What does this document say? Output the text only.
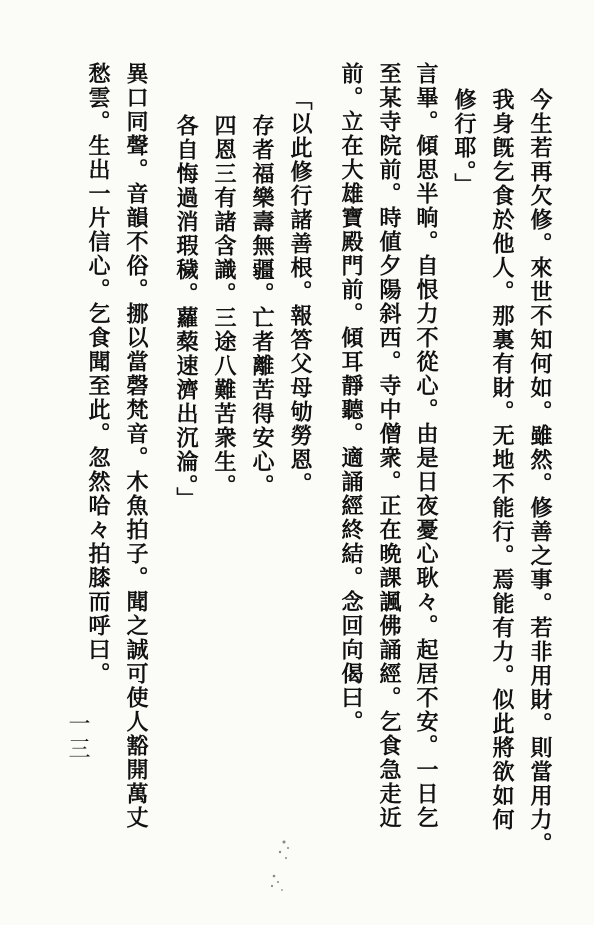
今生若再欠修。來世不知何如。雖然。修善之事。若非用財。則當用力。
我身旣乞食於他人。那裏有財。无地不能行。焉能有力。似此將欲如何
修行耶。」
言畢。傾思半晌。自恨力不從心。由是日夜憂心耿々。起居不安。一日乞
至某寺院前。時値夕陽斜西。寺中僧衆。正在晩課諷佛誦經。乞食急走近
前。立在大雄寶殿門前。傾耳靜聽。適誦經終結。念回向偈曰。
「以此修行諸善根。報答父母劬勞恩。
存者福樂壽無疆。亡者離苦得安心。
四恩三有諸含識。三途八難苦衆生。
各自悔過消瑕穢。蘿蔾速濟出沉淪。」
異口同聲。音韻不俗。挪以當磬梵音。木魚拍子。聞之誠可使人豁開萬丈
愁雲。生出一片信心。乞食聞至此。忽然哈々拍膝而呼曰。
一三
